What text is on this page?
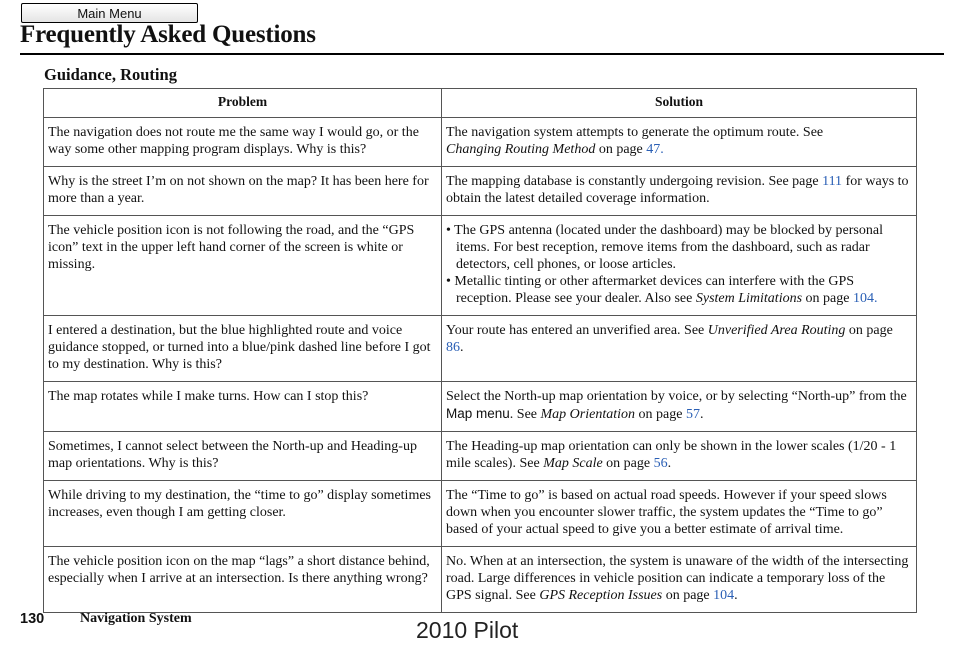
Main Menu
Frequently Asked Questions
Guidance, Routing
Problem	Solution
The navigation does not route me the same way I would go, or the way some other mapping program displays. Why is this?	The navigation system attempts to generate the optimum route. See
Changing Routing Method on page 47.
Why is the street I’m on not shown on the map? It has been here for more than a year.	The mapping database is constantly undergoing revision. See page 111 for ways to obtain the latest detailed coverage information.
The vehicle position icon is not following the road, and the “GPS icon” text in the upper left hand corner of the screen is white or missing.	• The GPS antenna (located under the dashboard) may be blocked by personal items. For best reception, remove items from the dashboard, such as radar detectors, cell phones, or loose articles.
• Metallic tinting or other aftermarket devices can interfere with the GPS reception. Please see your dealer. Also see System Limitations on page 104.

I entered a destination, but the blue highlighted route and voice guidance stopped, or turned into a blue/pink dashed line before I got to my destination. Why is this?	Your route has entered an unverified area. See Unverified Area Routing on page 86.
The map rotates while I make turns. How can I stop this?	Select the North-up map orientation by voice, or by selecting “North-up” from the Map menu. See Map Orientation on page 57.
Sometimes, I cannot select between the North-up and Heading-up map orientations. Why is this?	The Heading-up map orientation can only be shown in the lower scales (1/20 - 1 mile scales). See Map Scale on page 56.
While driving to my destination, the “time to go” display sometimes increases, even though I am getting closer.	The “Time to go” is based on actual road speeds. However if your speed slows down when you encounter slower traffic, the system updates the “Time to go” based of your actual speed to give you a better estimate of arrival time.
The vehicle position icon on the map “lags” a short distance behind, especially when I arrive at an intersection. Is there anything wrong?	No. When at an intersection, the system is unaware of the width of the intersecting road. Large differences in vehicle position can indicate a temporary loss of the GPS signal. See GPS Reception Issues on page 104.
130	Navigation System	2010 Pilot
